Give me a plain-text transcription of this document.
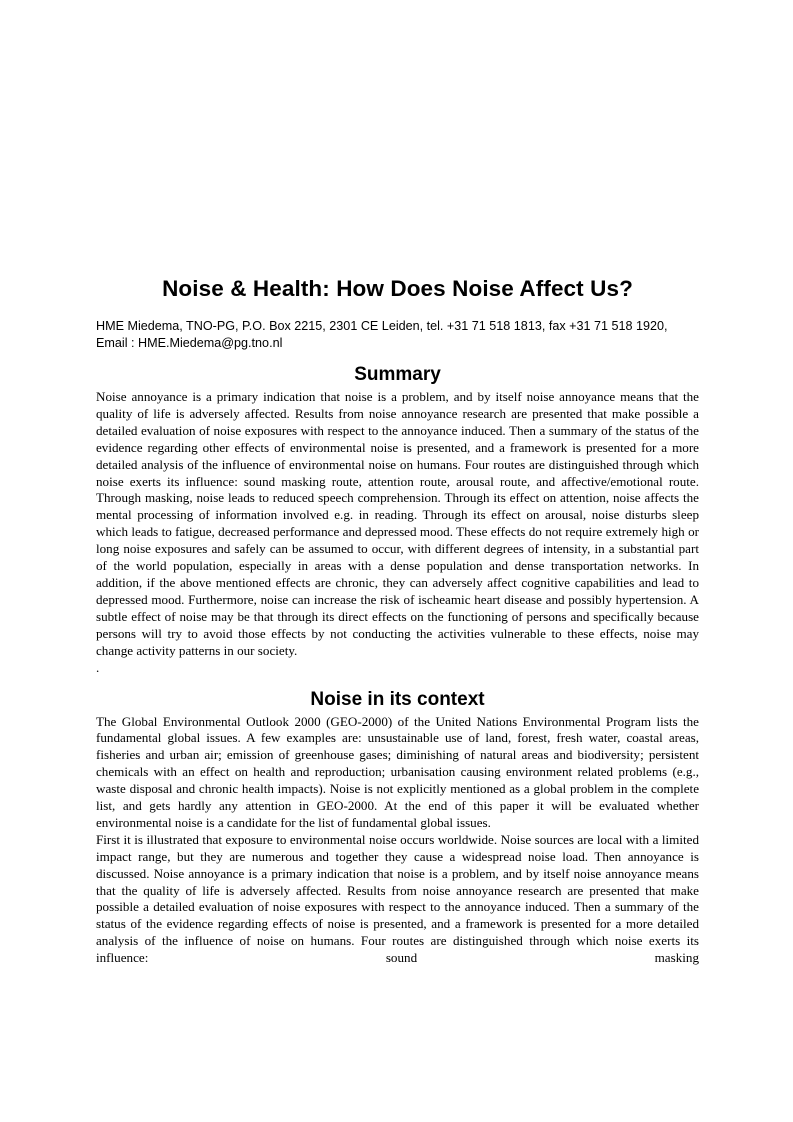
Noise & Health: How Does Noise Affect Us?

HME Miedema, TNO-PG, P.O. Box 2215, 2301 CE Leiden, tel. +31 71 518 1813, fax +31 71 518 1920, Email : HME.Miedema@pg.tno.nl

Summary

Noise annoyance is a primary indication that noise is a problem, and by itself noise annoyance means that the quality of life is adversely affected. Results from noise annoyance research are presented that make possible a detailed evaluation of noise exposures with respect to the annoyance induced. Then a summary of the status of the evidence regarding other effects of environmental noise is presented, and a framework is presented for a more detailed analysis of the influence of environmental noise on humans. Four routes are distinguished through which noise exerts its influence: sound masking route, attention route, arousal route, and affective/emotional route. Through masking, noise leads to reduced speech comprehension. Through its effect on attention, noise affects the mental processing of information involved e.g. in reading. Through its effect on arousal, noise disturbs sleep which leads to fatigue, decreased performance and depressed mood. These effects do not require extremely high or long noise exposures and safely can be assumed to occur, with different degrees of intensity, in a substantial part of the world population, especially in areas with a dense population and dense transportation networks. In addition, if the above mentioned effects are chronic, they can adversely affect cognitive capabilities and lead to depressed mood. Furthermore, noise can increase the risk of ischeamic heart disease and possibly hypertension. A subtle effect of noise may be that through its direct effects on the functioning of persons and specifically because persons will try to avoid those effects by not conducting the activities vulnerable to these effects, noise may change activity patterns in our society.

.

Noise in its context

The Global Environmental Outlook 2000 (GEO-2000) of the United Nations Environmental Program lists the fundamental global issues. A few examples are: unsustainable use of land, forest, fresh water, coastal areas, fisheries and urban air; emission of greenhouse gases; diminishing of natural areas and biodiversity; persistent chemicals with an effect on health and reproduction; urbanisation causing environment related problems (e.g., waste disposal and chronic health impacts). Noise is not explicitly mentioned as a global problem in the complete list, and gets hardly any attention in GEO-2000. At the end of this paper it will be evaluated whether environmental noise is a candidate for the list of fundamental global issues.

First it is illustrated that exposure to environmental noise occurs worldwide. Noise sources are local with a limited impact range, but they are numerous and together they cause a widespread noise load. Then annoyance is discussed. Noise annoyance is a primary indication that noise is a problem, and by itself noise annoyance means that the quality of life is adversely affected. Results from noise annoyance research are presented that make possible a detailed evaluation of noise exposures with respect to the annoyance induced. Then a summary of the status of the evidence regarding effects of noise is presented, and a framework is presented for a more detailed analysis of the influence of noise on humans. Four routes are distinguished through which noise exerts its influence: sound masking
